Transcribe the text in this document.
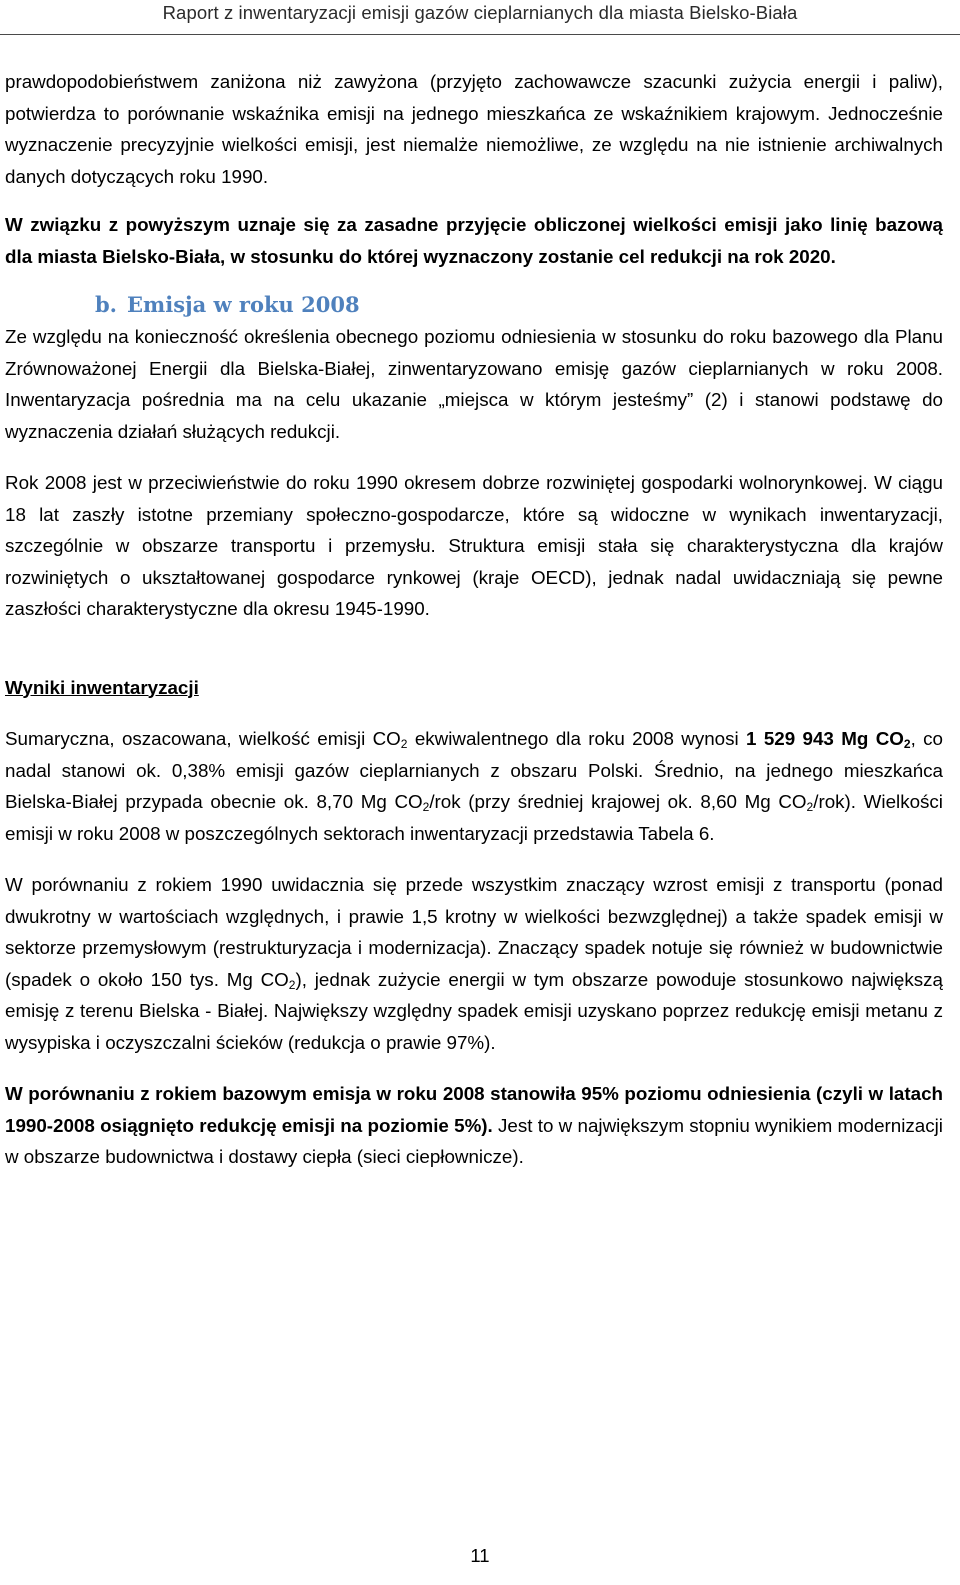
Raport z inwentaryzacji emisji gazów cieplarnianych dla miasta Bielsko-Biała

prawdopodobieństwem zaniżona niż zawyżona (przyjęto zachowawcze szacunki zużycia energii i paliw), potwierdza to porównanie wskaźnika emisji na jednego mieszkańca ze wskaźnikiem krajowym. Jednocześnie wyznaczenie precyzyjnie wielkości emisji, jest niemalże niemożliwe, ze względu na nie istnienie archiwalnych danych dotyczących roku 1990.

W związku z powyższym uznaje się za zasadne przyjęcie obliczonej wielkości emisji jako linię bazową dla miasta Bielsko-Biała, w stosunku do której wyznaczony zostanie cel redukcji na rok 2020.

b. Emisja w roku 2008

Ze względu na konieczność określenia obecnego poziomu odniesienia w stosunku do roku bazowego dla Planu Zrównoważonej Energii dla Bielska-Białej, zinwentaryzowano emisję gazów cieplarnianych w roku 2008. Inwentaryzacja pośrednia ma na celu ukazanie „miejsca w którym jesteśmy” (2) i stanowi podstawę do wyznaczenia działań służących redukcji.

Rok 2008 jest w przeciwieństwie do roku 1990 okresem dobrze rozwiniętej gospodarki wolnorynkowej. W ciągu 18 lat zaszły istotne przemiany społeczno-gospodarcze, które są widoczne w wynikach inwentaryzacji, szczególnie w obszarze transportu i przemysłu. Struktura emisji stała się charakterystyczna dla krajów rozwiniętych o ukształtowanej gospodarce rynkowej (kraje OECD), jednak nadal uwidaczniają się pewne zaszłości charakterystyczne dla okresu 1945-1990.

Wyniki inwentaryzacji

Sumaryczna, oszacowana, wielkość emisji $CO_2$ ekwiwalentnego dla roku 2008 wynosi 1 529 943 Mg $CO_2$, co nadal stanowi ok. 0,38% emisji gazów cieplarnianych z obszaru Polski. Średnio, na jednego mieszkańca Bielska-Białej przypada obecnie ok. 8,70 Mg $CO_2$/rok (przy średniej krajowej ok. 8,60 Mg $CO_2/rok$). Wielkości emisji w roku 2008 w poszczególnych sektorach inwentaryzacji przedstawia Tabela 6.

W porównaniu z rokiem 1990 uwidacznia się przede wszystkim znaczący wzrost emisji z transportu (ponad dwukrotny w wartościach względnych, i prawie 1,5 krotny w wielkości bezwzględnej) a także spadek emisji w sektorze przemysłowym (restrukturyzacja i modernizacja). Znaczący spadek notuje się również w budownictwie (spadek o około 150 tys. Mg $CO_2$), jednak zużycie energii w tym obszarze powoduje stosunkowo największą emisję z terenu Bielska - Białej. Największy względny spadek emisji uzyskano poprzez redukcję emisji metanu z wysypiska i oczyszczalni ścieków (redukcja o prawie 97%).

W porównaniu z rokiem bazowym emisja w roku 2008 stanowiła 95% poziomu odniesienia (czyli w latach 1990-2008 osiągnięto redukcję emisji na poziomie 5%). Jest to w największym stopniu wynikiem modernizacji w obszarze budownictwa i dostawy ciepła (sieci ciepłownicze).

11
